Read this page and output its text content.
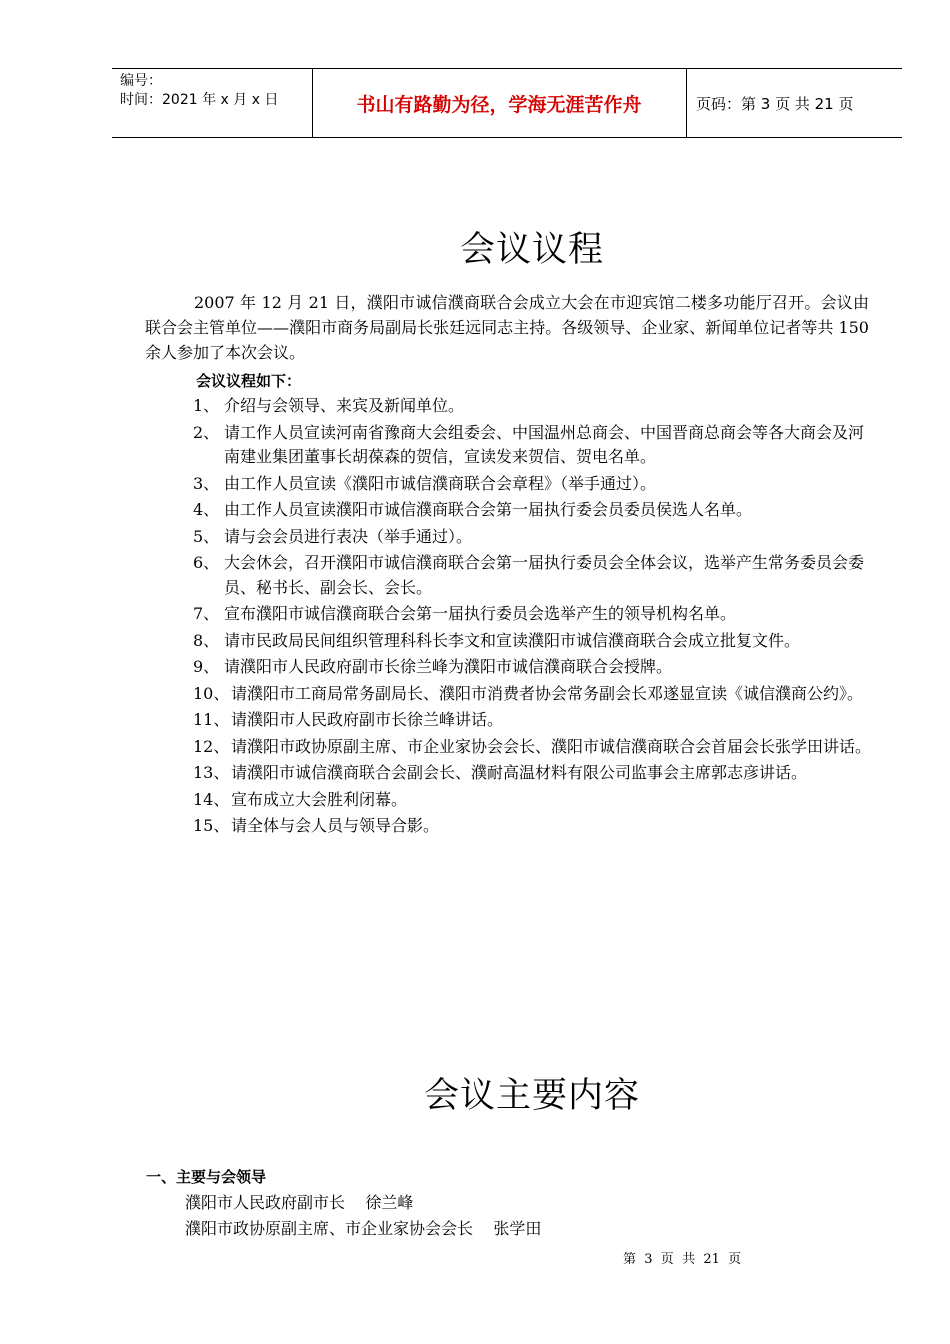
编号：
时间：2021 年 x 月 x 日	书山有路勤为径，学海无涯苦作舟	页码：第 3 页 共 21 页
会议议程
2007 年 12 月 21 日，濮阳市诚信濮商联合会成立大会在市迎宾馆二楼多功能厅召开。会议由联合会主管单位——濮阳市商务局副局长张廷远同志主持。各级领导、企业家、新闻单位记者等共 150 余人参加了本次会议。
会议议程如下：
1、 介绍与会领导、来宾及新闻单位。
2、 请工作人员宣读河南省豫商大会组委会、中国温州总商会、中国晋商总商会等各大商会及河南建业集团董事长胡葆森的贺信，宣读发来贺信、贺电名单。
3、 由工作人员宣读《濮阳市诚信濮商联合会章程》（举手通过）。
4、 由工作人员宣读濮阳市诚信濮商联合会第一届执行委会员委员侯选人名单。
5、 请与会会员进行表决（举手通过）。
6、 大会休会，召开濮阳市诚信濮商联合会第一届执行委员会全体会议，选举产生常务委员会委员、秘书长、副会长、会长。
7、 宣布濮阳市诚信濮商联合会第一届执行委员会选举产生的领导机构名单。
8、 请市民政局民间组织管理科科长李文和宣读濮阳市诚信濮商联合会成立批复文件。
9、 请濮阳市人民政府副市长徐兰峰为濮阳市诚信濮商联合会授牌。
10、 请濮阳市工商局常务副局长、濮阳市消费者协会常务副会长邓遂显宣读《诚信濮商公约》。
11、 请濮阳市人民政府副市长徐兰峰讲话。
12、 请濮阳市政协原副主席、市企业家协会会长、濮阳市诚信濮商联合会首届会长张学田讲话。
13、 请濮阳市诚信濮商联合会副会长、濮耐高温材料有限公司监事会主席郭志彦讲话。
14、 宣布成立大会胜利闭幕。
15、 请全体与会人员与领导合影。
会议主要内容
一、主要与会领导
濮阳市人民政府副市长    徐兰峰
濮阳市政协原副主席、市企业家协会会长    张学田
第  3  页  共  21  页
